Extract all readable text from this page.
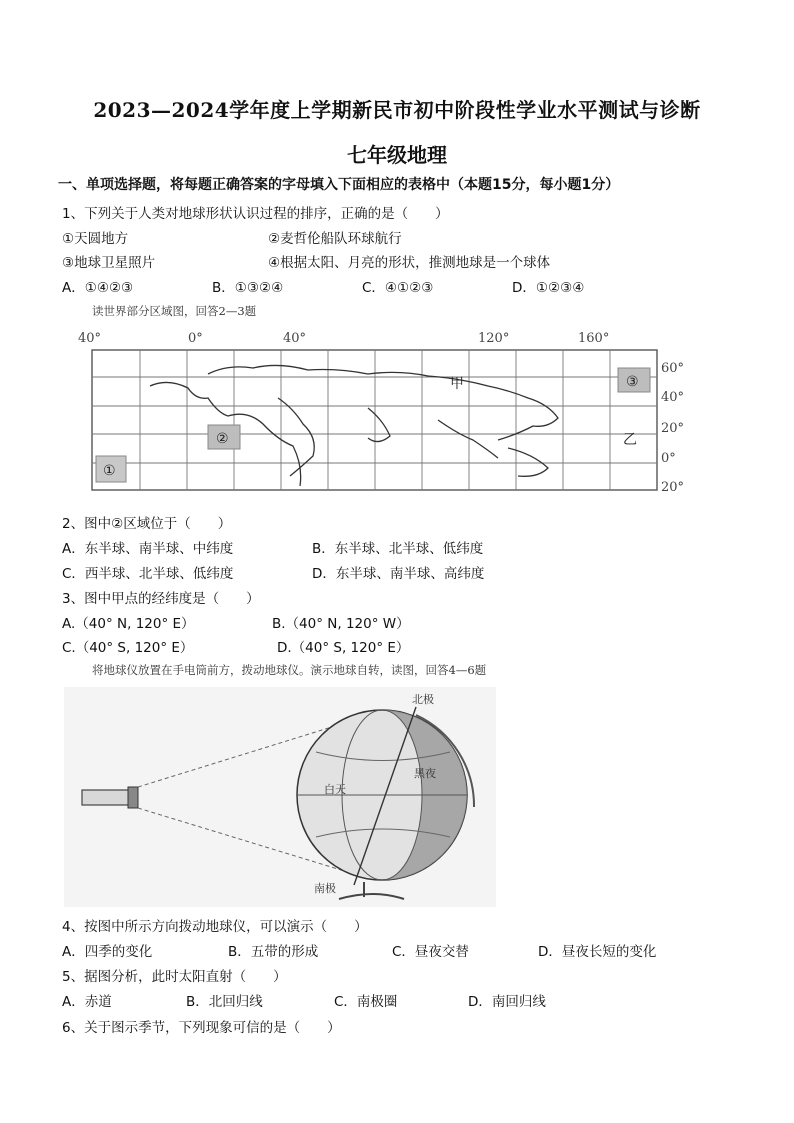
2023—2024学年度上学期新民市初中阶段性学业水平测试与诊断
七年级地理
一、单项选择题，将每题正确答案的字母填入下面相应的表格中（本题15分，每小题1分）
1、下列关于人类对地球形状认识过程的排序，正确的是（　　）
①天圆地方	②麦哲伦船队环球航行
③地球卫星照片	④根据太阳、月亮的形状，推测地球是一个球体
A．①④②③	B．①③②④	C．④①②③	D．①②③④
读世界部分区域图，回答2—3题
40°	0°	40°	120°	160°
60°
40°
20°
0°
20°
③
②
①
甲
乙
2、图中②区域位于（　　）
A．东半球、南半球、中纬度	B．东半球、北半球、低纬度
C．西半球、北半球、低纬度	D．东半球、南半球、高纬度
3、图中甲点的经纬度是（　　）
A.（40° N, 120° E）	B.（40° N, 120° W）
C.（40° S, 120° E）	D.（40° S, 120° E）
将地球仪放置在手电筒前方，拨动地球仪。演示地球自转，读图，回答4—6题
北极
南极
白天
黑夜
4、按图中所示方向拨动地球仪，可以演示（　　）
A．四季的变化	B．五带的形成	C．昼夜交替	D．昼夜长短的变化
5、据图分析，此时太阳直射（　　）
A．赤道	B．北回归线	C．南极圈	D．南回归线
6、关于图示季节，下列现象可信的是（　　）
